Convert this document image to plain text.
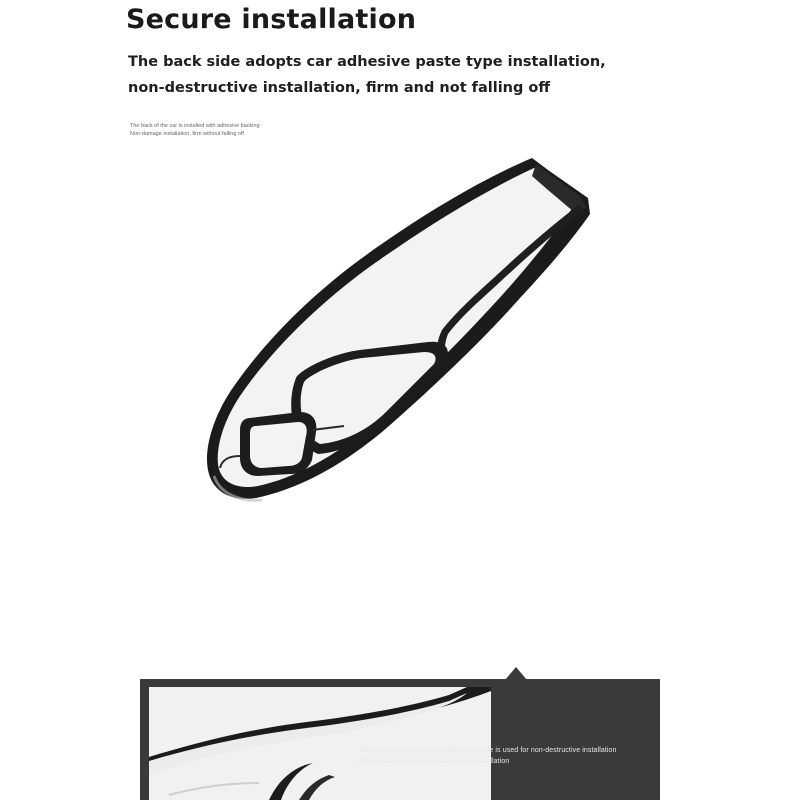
Secure installation

The back side adopts car adhesive paste type installation, non-destructive installation, firm and not falling off

The back of the car is installed with adhesive backing
Non-damage installation, firm without falling off
The double-sided adhesive for automobile is used for non-destructive installation
Clean and paste the position before installation
